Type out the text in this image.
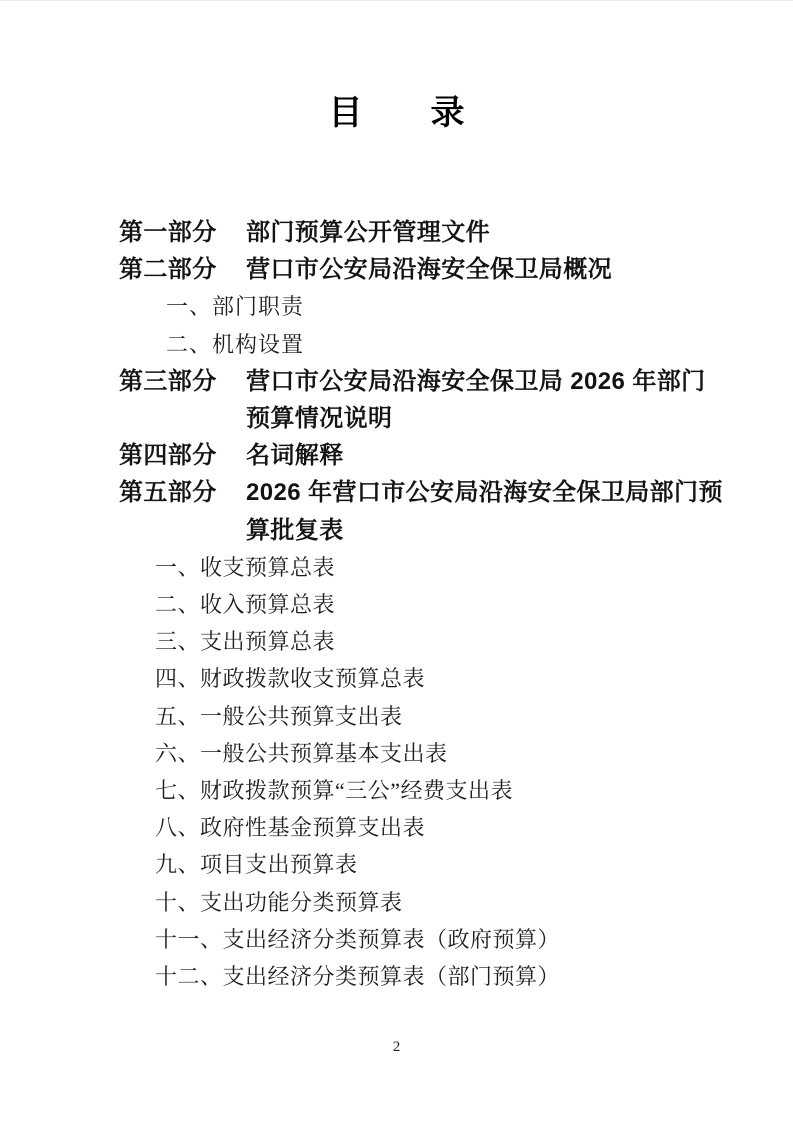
目　　录
第一部分 部门预算公开管理文件
第二部分 营口市公安局沿海安全保卫局概况
一、部门职责
二、机构设置
第三部分 营口市公安局沿海安全保卫局 2026 年部门
预算情况说明
第四部分 名词解释
第五部分 2026 年营口市公安局沿海安全保卫局部门预
算批复表
一、收支预算总表
二、收入预算总表
三、支出预算总表
四、财政拨款收支预算总表
五、一般公共预算支出表
六、一般公共预算基本支出表
七、财政拨款预算“三公”经费支出表
八、政府性基金预算支出表
九、项目支出预算表
十、支出功能分类预算表
十一、支出经济分类预算表（政府预算）
十二、支出经济分类预算表（部门预算）
2
